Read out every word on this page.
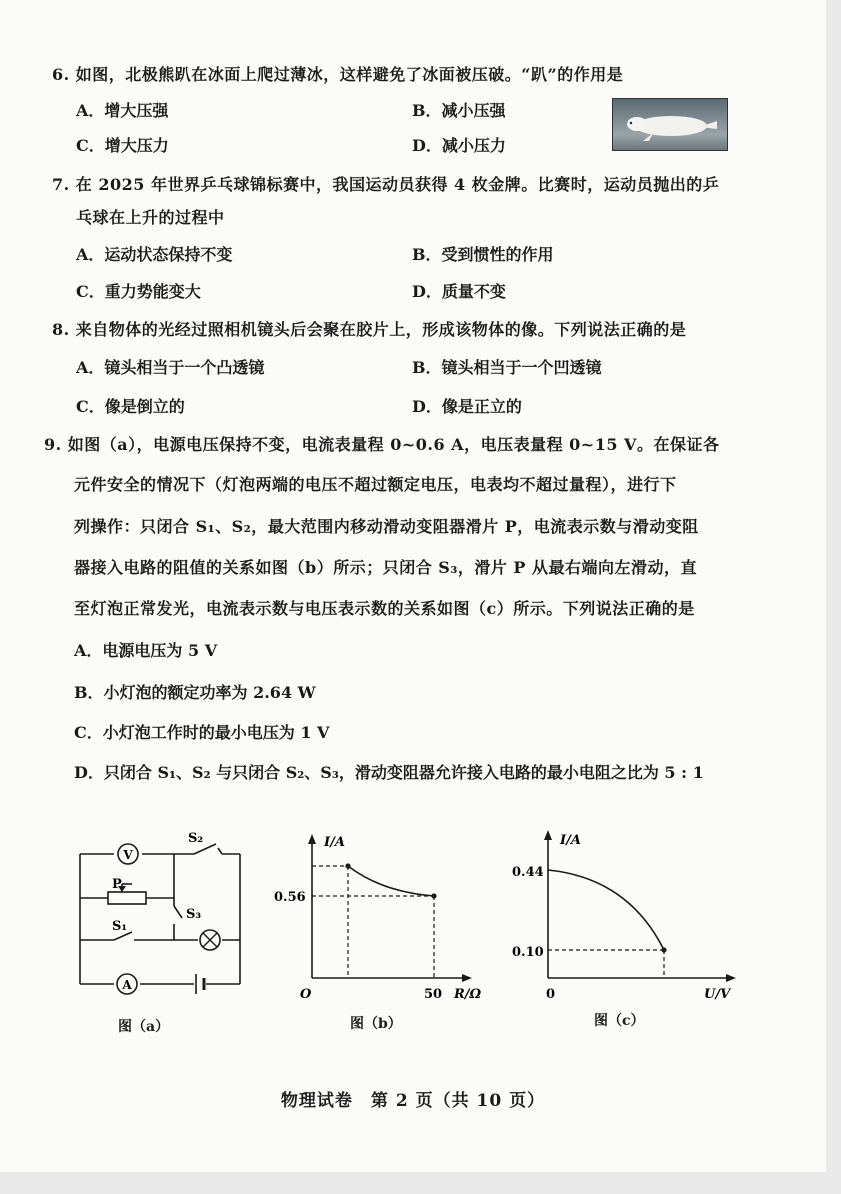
6. 如图，北极熊趴在冰面上爬过薄冰，这样避免了冰面被压破。“趴”的作用是
A．增大压强	B．减小压强
C．增大压力	D．减小压力
7. 在 2025 年世界乒乓球锦标赛中，我国运动员获得 4 枚金牌。比赛时，运动员抛出的乒
乓球在上升的过程中
A．运动状态保持不变	B．受到惯性的作用
C．重力势能变大	D．质量不变
8. 来自物体的光经过照相机镜头后会聚在胶片上，形成该物体的像。下列说法正确的是
A．镜头相当于一个凸透镜	B．镜头相当于一个凹透镜
C．像是倒立的	D．像是正立的
9. 如图（a），电源电压保持不变，电流表量程 0~0.6 A，电压表量程 0~15 V。在保证各
元件安全的情况下（灯泡两端的电压不超过额定电压，电表均不超过量程），进行下
列操作：只闭合 S₁、S₂，最大范围内移动滑动变阻器滑片 P，电流表示数与滑动变阻
器接入电路的阻值的关系如图（b）所示；只闭合 S₃，滑片 P 从最右端向左滑动，直
至灯泡正常发光，电流表示数与电压表示数的关系如图（c）所示。下列说法正确的是
A．电源电压为 5 V
B．小灯泡的额定功率为 2.64 W
C．小灯泡工作时的最小电压为 1 V
D．只闭合 S₁、S₂ 与只闭合 S₂、S₃，滑动变阻器允许接入电路的最小电阻之比为 5 : 1
V
A
S₂
S₃
S₁
P
图（a）
I/A
R/Ω
O
0.56
50
图（b）
I/A
U/V
0
0.44
0.10
图（c）
物理试卷　第 2 页（共 10 页）
